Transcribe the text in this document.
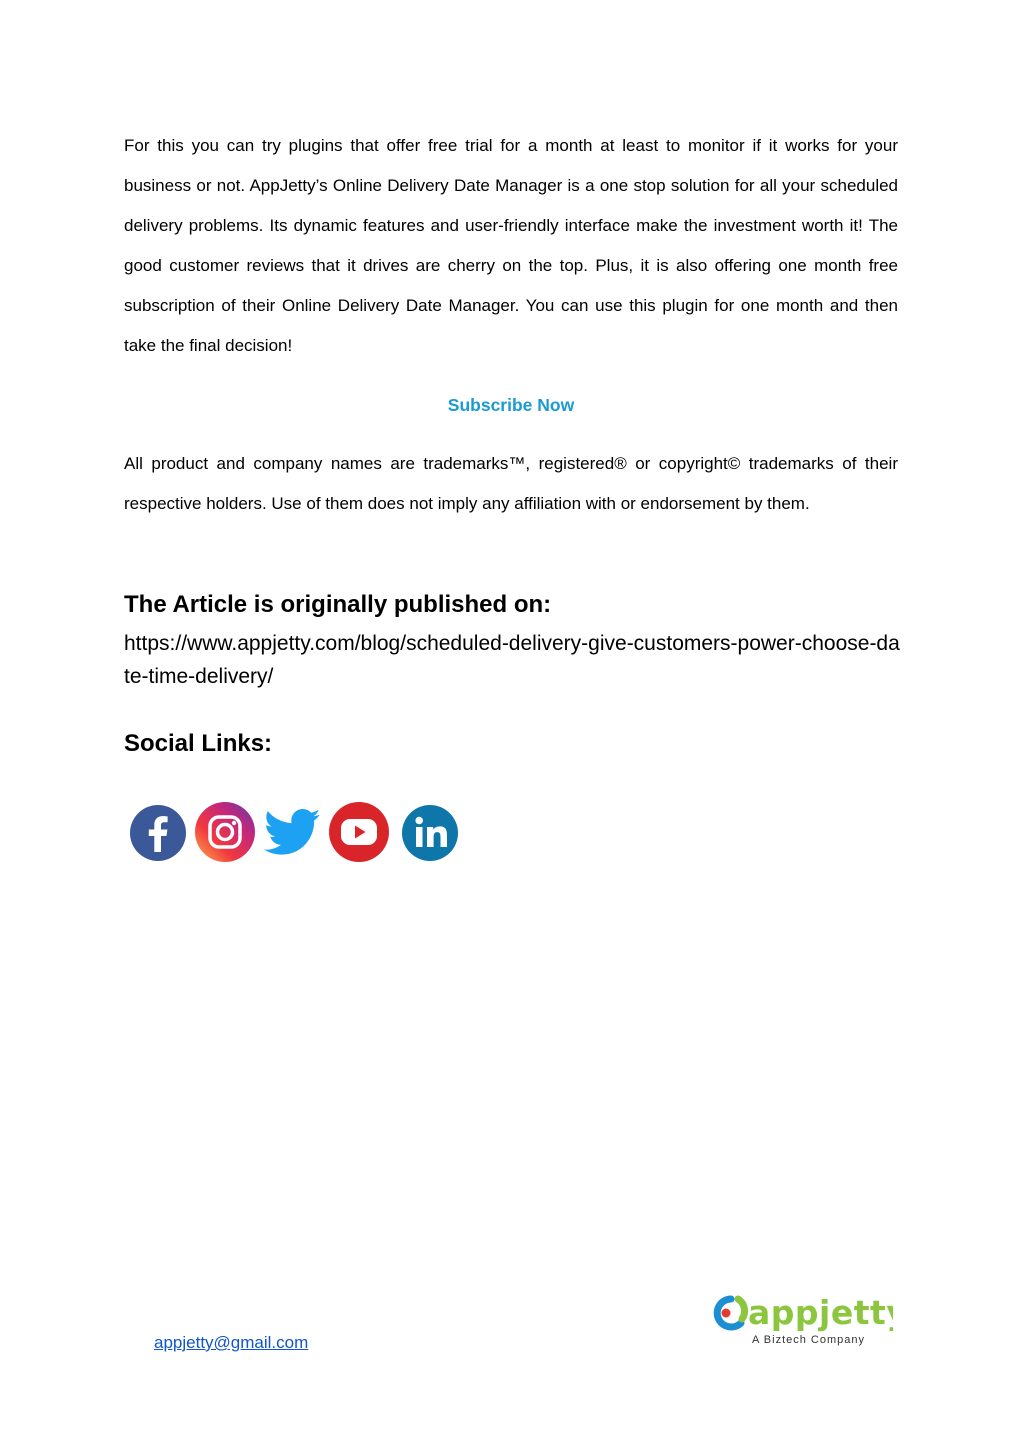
For this you can try plugins that offer free trial for a month at least to monitor if it works for your business or not. AppJetty’s Online Delivery Date Manager is a one stop solution for all your scheduled delivery problems. Its dynamic features and user-friendly interface make the investment worth it! The good customer reviews that it drives are cherry on the top. Plus, it is also offering one month free subscription of their Online Delivery Date Manager. You can use this plugin for one month and then take the final decision!

Subscribe Now

All product and company names are trademarks™, registered® or copyright© trademarks of their respective holders. Use of them does not imply any affiliation with or endorsement by them.

The Article is originally published on:

https://www.appjetty.com/blog/scheduled-delivery-give-customers-power-choose-date-time-delivery/

Social Links:
appjetty
A Biztech Company
appjetty@gmail.com
